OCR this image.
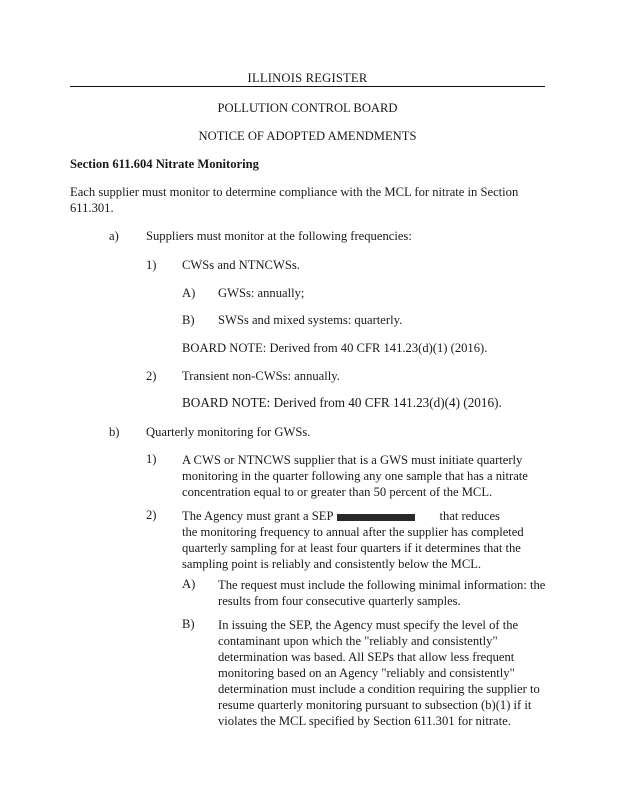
ILLINOIS REGISTER
POLLUTION CONTROL BOARD
NOTICE OF ADOPTED AMENDMENTS
Section 611.604 Nitrate Monitoring
Each supplier must monitor to determine compliance with the MCL for nitrate in Section
611.301.
a) Suppliers must monitor at the following frequencies:
1) CWSs and NTNCWSs.
A) GWSs: annually;
B) SWSs and mixed systems: quarterly.
BOARD NOTE: Derived from 40 CFR 141.23(d)(1) (2016).
2) Transient non-CWSs: annually.
BOARD NOTE: Derived from 40 CFR 141.23(d)(4) (2016).
b) Quarterly monitoring for GWSs.
1) A CWS or NTNCWS supplier that is a GWS must initiate quarterly
monitoring in the quarter following any one sample that has a nitrate
concentration equal to or greater than 50 percent of the MCL.
2) The Agency must grant a SEP	that reduces
the monitoring frequency to annual after the supplier has completed
quarterly sampling for at least four quarters if it determines that the
sampling point is reliably and consistently below the MCL.
A) The request must include the following minimal information: the
results from four consecutive quarterly samples.
B) In issuing the SEP, the Agency must specify the level of the
contaminant upon which the "reliably and consistently"
determination was based. All SEPs that allow less frequent
monitoring based on an Agency "reliably and consistently"
determination must include a condition requiring the supplier to
resume quarterly monitoring pursuant to subsection (b)(1) if it
violates the MCL specified by Section 611.301 for nitrate.
